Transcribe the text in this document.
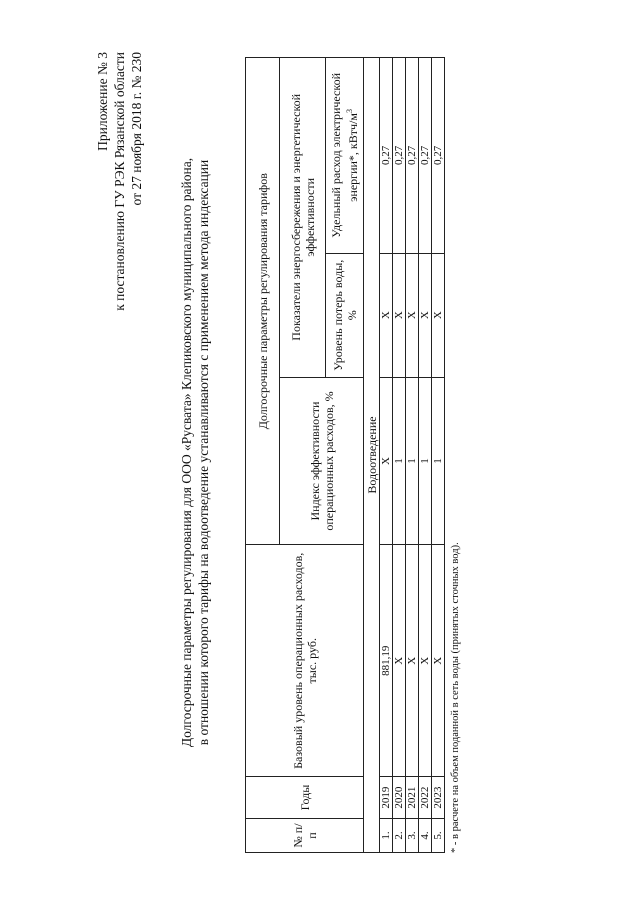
Приложение № 3 к постановлению ГУ РЭК Рязанской области от 27 ноября 2018 г. № 230
Долгосрочные параметры регулирования для ООО «Русвата» Клепиковского муниципального района, в отношении которого тарифы на водоотведение устанавливаются с применением метода индексации
№ п/п	Годы	Базовый уровень операционных расходов, тыс. руб.	Долгосрочные параметры регулирования тарифов		
			Индекс эффективности операционных расходов, %	Показатели энергосбережения и энергетической эффективности	
				Уровень потерь воды, %	Удельный расход электрической энергии*, кВтч/$м^3$
Водоотведение					
1.	2019	881,19	X	X	0,27
2.	2020	X	1	X	0,27
3.	2021	X	1	X	0,27
4.	2022	X	1	X	0,27
5.	2023	X	1	X	0,27
* - в расчете на объем поданной в сеть воды (принятых сточных вод).
